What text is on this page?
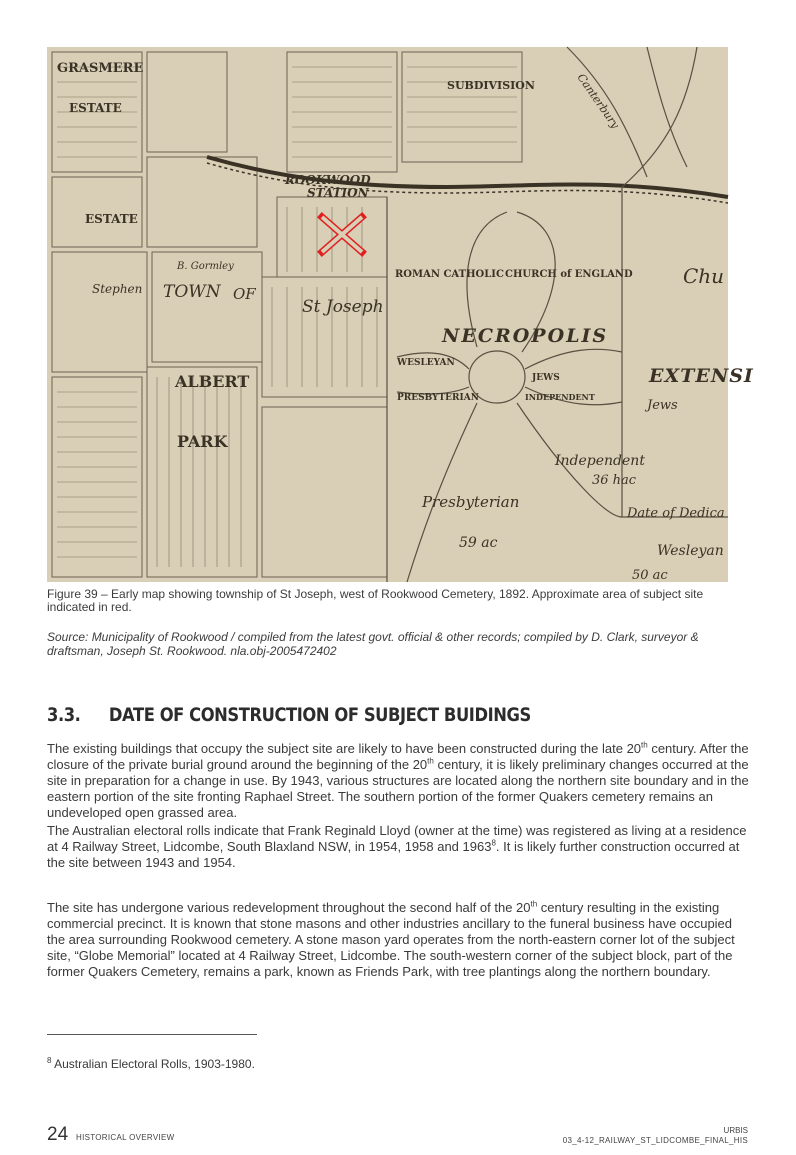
GRASMERE
ESTATE
SUBDIVISION	Canterbury
ROOKWOOD
STATION
ESTATE
Stephen TOWN OF
B. Gormley
St Joseph
ALBERT
PARK
ROMAN CATHOLIC CHURCH of ENGLAND
NECROPOLIS
WESLEYAN
PRESBYTERIAN
JEWS
INDEPENDENT
EXTENSI
Jews
Independent
36 hac
Presbyterian
59 ac
Date of Dedica
Wesleyan
50 ac
Chu
Figure 39 – Early map showing township of St Joseph, west of Rookwood Cemetery, 1892. Approximate area of subject site indicated in red.
Source: Municipality of Rookwood / compiled from the latest govt. official & other records; compiled by D. Clark, surveyor & draftsman, Joseph St. Rookwood. nla.obj-2005472402
3.3. DATE OF CONSTRUCTION OF SUBJECT BUIDINGS

The existing buildings that occupy the subject site are likely to have been constructed during the late 20th century. After the closure of the private burial ground around the beginning of the 20th century, it is likely preliminary changes occurred at the site in preparation for a change in use. By 1943, various structures are located along the northern site boundary and in the eastern portion of the site fronting Raphael Street. The southern portion of the former Quakers cemetery remains an undeveloped open grassed area.

The Australian electoral rolls indicate that Frank Reginald Lloyd (owner at the time) was registered as living at a residence at 4 Railway Street, Lidcombe, South Blaxland NSW, in 1954, 1958 and 1963$^8$. It is likely further construction occurred at the site between 1943 and 1954.

The site has undergone various redevelopment throughout the second half of the 20th century resulting in the existing commercial precinct. It is known that stone masons and other industries ancillary to the funeral business have occupied the area surrounding Rookwood cemetery. A stone mason yard operates from the north-eastern corner lot of the subject site, “Globe Memorial” located at 4 Railway Street, Lidcombe. The south-western corner of the subject block, part of the former Quakers Cemetery, remains a park, known as Friends Park, with tree plantings along the northern boundary.

$^8$ Australian Electoral Rolls, 1903-1980.
24 HISTORICAL OVERVIEW
URBIS
03_4-12_RAILWAY_ST_LIDCOMBE_FINAL_HIS
